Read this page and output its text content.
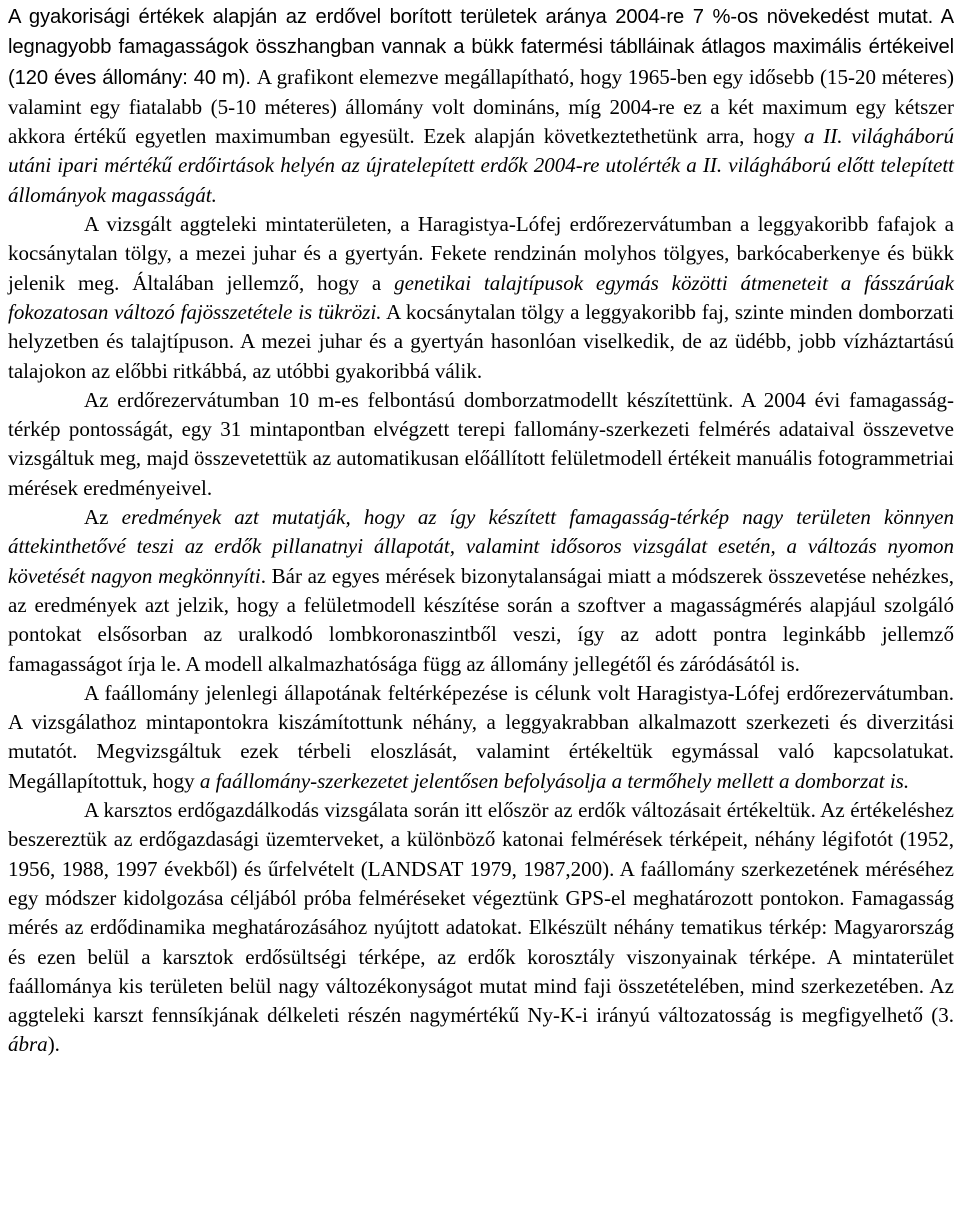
A gyakorisági értékek alapján az erdővel borított területek aránya 2004-re 7 %-os növekedést mutat. A legnagyobb famagasságok összhangban vannak a bükk fatermési táblláinak átlagos maximális értékeivel (120 éves állomány: 40 m). A grafikont elemezve megállapítható, hogy 1965-ben egy idősebb (15-20 méteres) valamint egy fiatalabb (5-10 méteres) állomány volt domináns, míg 2004-re ez a két maximum egy kétszer akkora értékű egyetlen maximumban egyesült. Ezek alapján következtethetünk arra, hogy a II. világháború utáni ipari mértékű erdőirtások helyén az újratelepített erdők 2004-re utolérték a II. világháború előtt telepített állományok magasságát.

A vizsgált aggteleki mintaterületen, a Haragistya-Lófej erdőrezervátumban a leggyakoribb fafajok a kocsánytalan tölgy, a mezei juhar és a gyertyán. Fekete rendzinán molyhos tölgyes, barkócaberkenye és bükk jelenik meg. Általában jellemző, hogy a genetikai talajtípusok egymás közötti átmeneteit a fásszárúak fokozatosan változó fajösszetétele is tükrözi. A kocsánytalan tölgy a leggyakoribb faj, szinte minden domborzati helyzetben és talajtípuson. A mezei juhar és a gyertyán hasonlóan viselkedik, de az üdébb, jobb vízháztartású talajokon az előbbi ritkábbá, az utóbbi gyakoribbá válik.

Az erdőrezervátumban 10 m-es felbontású domborzatmodellt készítettünk. A 2004 évi famagasság-térkép pontosságát, egy 31 mintapontban elvégzett terepi fallomány-szerkezeti felmérés adataival összevetve vizsgáltuk meg, majd összevetettük az automatikusan előállított felületmodell értékeit manuális fotogrammetriai mérések eredményeivel.

Az eredmények azt mutatják, hogy az így készített famagasság-térkép nagy területen könnyen áttekinthetővé teszi az erdők pillanatnyi állapotát, valamint idősoros vizsgálat esetén, a változás nyomon követését nagyon megkönnyíti. Bár az egyes mérések bizonytalanságai miatt a módszerek összevetése nehézkes, az eredmények azt jelzik, hogy a felületmodell készítése során a szoftver a magasságmérés alapjául szolgáló pontokat elsősorban az uralkodó lombkoronaszintből veszi, így az adott pontra leginkább jellemző famagasságot írja le. A modell alkalmazhatósága függ az állomány jellegétől és záródásától is.

A faállomány jelenlegi állapotának feltérképezése is célunk volt Haragistya-Lófej erdőrezervátumban. A vizsgálathoz mintapontokra kiszámítottunk néhány, a leggyakrabban alkalmazott szerkezeti és diverzitási mutatót. Megvizsgáltuk ezek térbeli eloszlását, valamint értékeltük egymással való kapcsolatukat. Megállapítottuk, hogy a faállomány-szerkezetet jelentősen befolyásolja a termőhely mellett a domborzat is.

A karsztos erdőgazdálkodás vizsgálata során itt először az erdők változásait értékeltük. Az értékeléshez beszereztük az erdőgazdasági üzemterveket, a különböző katonai felmérések térképeit, néhány légifotót (1952, 1956, 1988, 1997 évekből) és űrfelvételt (LANDSAT 1979, 1987,200). A faállomány szerkezetének méréséhez egy módszer kidolgozása céljából próba felméréseket végeztünk GPS-el meghatározott pontokon. Famagasság mérés az erdődinamika meghatározásához nyújtott adatokat. Elkészült néhány tematikus térkép: Magyarország és ezen belül a karsztok erdősültségi térképe, az erdők korosztály viszonyainak térképe. A mintaterület faállománya kis területen belül nagy változékonyságot mutat mind faji összetételében, mind szerkezetében. Az aggteleki karszt fennsíkjának délkeleti részén nagymértékű Ny-K-i irányú változatosság is megfigyelhető (3. ábra).
